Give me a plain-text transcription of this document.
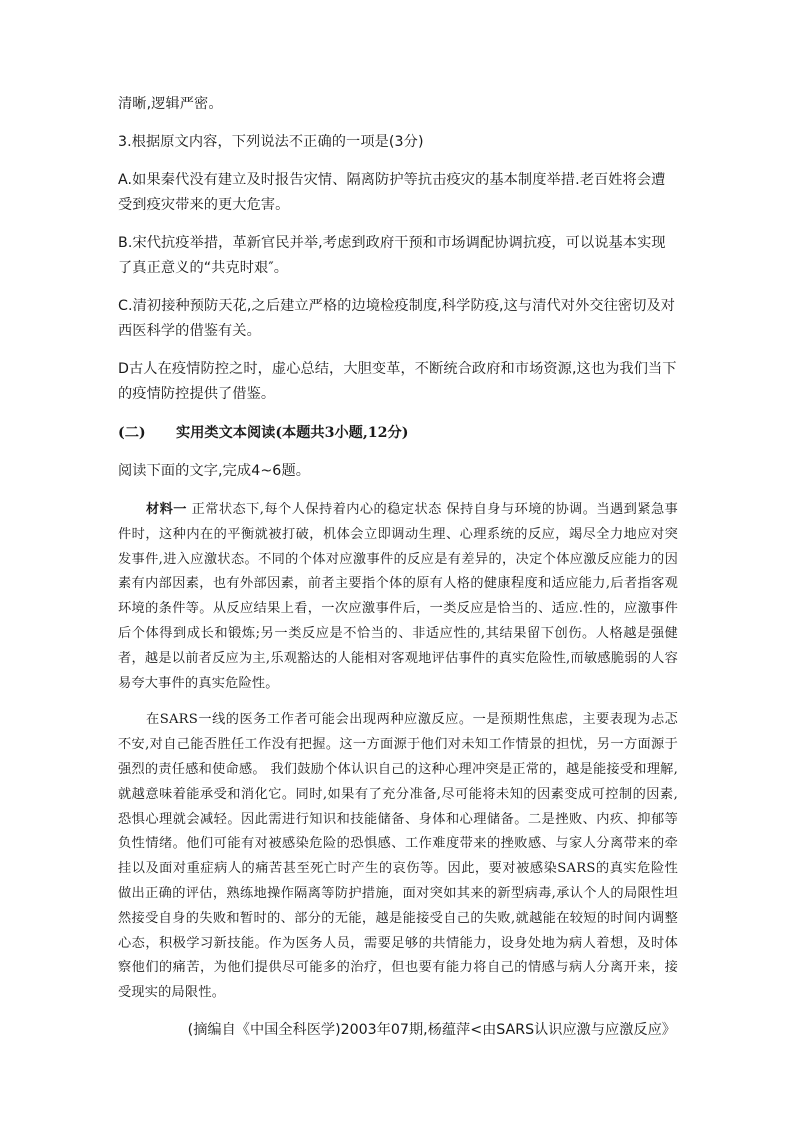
清晰,逻辑严密。

3.根据原文内容，下列说法不正确的一项是(3分)

A.如果秦代没有建立及时报告灾情、隔离防护等抗击疫灾的基本制度举措.老百姓将会遭受到疫灾带来的更大危害。

B.宋代抗疫举措，革新官民并举,考虑到政府干预和市场调配协调抗疫，可以说基本实现了真正意义的“共克时艰″。

C.清初接种预防天花,之后建立严格的边境检疫制度,科学防疫,这与清代对外交往密切及对西医科学的借鉴有关。

D古人在疫情防控之时，虚心总结，大胆变革，不断统合政府和市场资源,这也为我们当下的疫情防控提供了借鉴。

(二) 实用类文本阅读(本题共3小题,12分)

阅读下面的文字,完成4~6题。

材料一 正常状态下,每个人保持着内心的稳定状态 保持自身与环境的协调。当遇到紧急事件时，这种内在的平衡就被打破，机体会立即调动生理、心理系统的反应，竭尽全力地应对突发事件,进入应激状态。不同的个体对应激事件的反应是有差异的，决定个体应激反应能力的因素有内部因素，也有外部因素，前者主要指个体的原有人格的健康程度和适应能力,后者指客观环境的条件等。从反应结果上看，一次应激事件后，一类反应是恰当的、适应.性的，应激事件后个体得到成长和锻炼;另一类反应是不恰当的、非适应性的,其结果留下创伤。人格越是强健者，越是以前者反应为主,乐观豁达的人能相对客观地评估事件的真实危险性,而敏感脆弱的人容易夸大事件的真实危险性。

在SARS一线的医务工作者可能会出现两种应激反应。一是预期性焦虑，主要表现为忐忑不安,对自己能否胜任工作没有把握。这一方面源于他们对未知工作情景的担忧，另一方面源于强烈的责任感和使命感。 我们鼓励个体认识自己的这种心理冲突是正常的，越是能接受和理解,就越意味着能承受和消化它。同时,如果有了充分准备,尽可能将未知的因素变成可控制的因素,恐惧心理就会减轻。因此需进行知识和技能储备、身体和心理储备。二是挫败、内疚、抑郁等负性情绪。他们可能有对被感染危险的恐惧感、工作难度带来的挫败感、与家人分离带来的牵挂以及面对重症病人的痛苦甚至死亡时产生的哀伤等。因此，要对被感染SARS的真实危险性做出正确的评估，熟练地操作隔离等防护措施，面对突如其来的新型病毒,承认个人的局限性坦然接受自身的失败和暂时的、部分的无能，越是能接受自己的失败,就越能在较短的时间内调整心态，积极学习新技能。作为医务人员，需要足够的共情能力，设身处地为病人着想，及时体察他们的痛苦，为他们提供尽可能多的治疗，但也要有能力将自己的情感与病人分离开来，接受现实的局限性。

(摘编自《中国全科医学)2003年07期,杨蕴萍<由SARS认识应激与应激反应》
